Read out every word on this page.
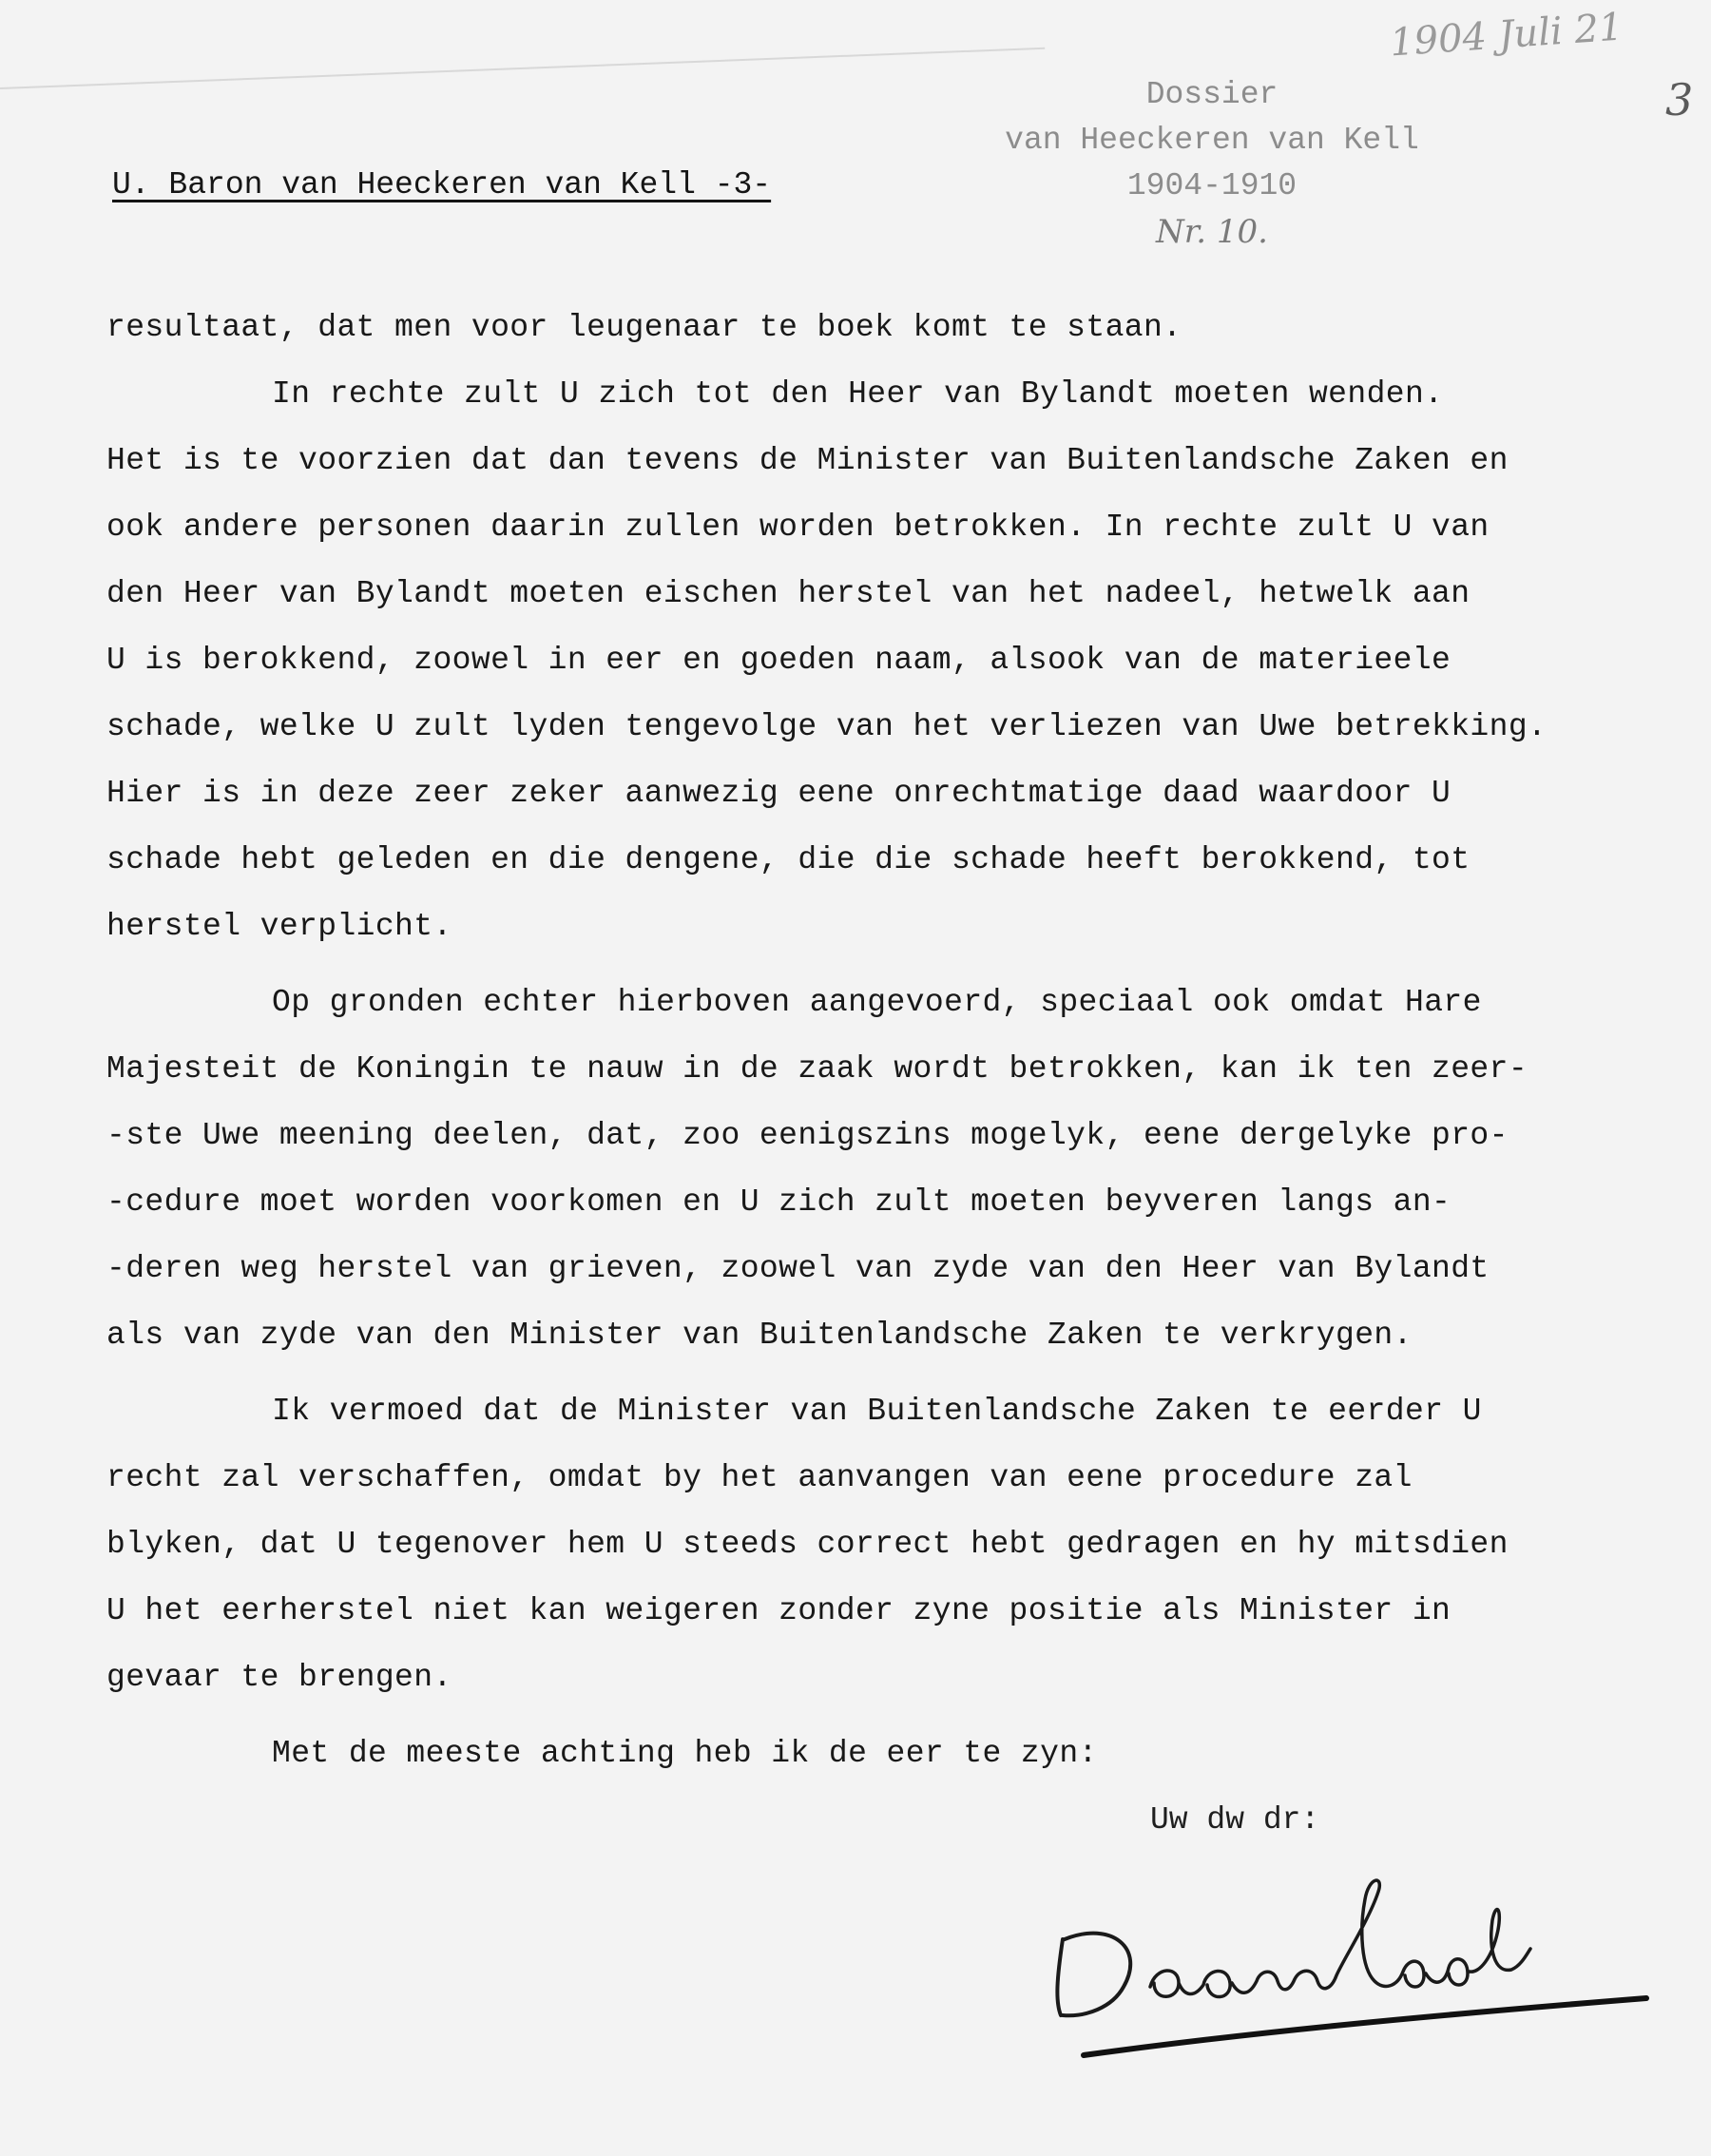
1904 Juli 21
3
Dossier
van Heeckeren van Kell
1904-1910
Nr. 10.
U. Baron van Heeckeren van Kell -3-
resultaat, dat men voor leugenaar te boek komt te staan.
In rechte zult U zich tot den Heer van Bylandt moeten wenden.
Het is te voorzien dat dan tevens de Minister van Buitenlandsche Zaken en
ook andere personen daarin zullen worden betrokken. In rechte zult U van
den Heer van Bylandt moeten eischen herstel van het nadeel, hetwelk aan
U is berokkend, zoowel in eer en goeden naam, alsook van de materieele
schade, welke U zult lyden tengevolge van het verliezen van Uwe betrekking.
Hier is in deze zeer zeker aanwezig eene onrechtmatige daad waardoor U
schade hebt geleden en die dengene, die die schade heeft berokkend, tot
herstel verplicht.
Op gronden echter hierboven aangevoerd, speciaal ook omdat Hare
Majesteit de Koningin te nauw in de zaak wordt betrokken, kan ik ten zeer-
-ste Uwe meening deelen, dat, zoo eenigszins mogelyk, eene dergelyke pro-
-cedure moet worden voorkomen en U zich zult moeten beyveren langs an-
-deren weg herstel van grieven, zoowel van zyde van den Heer van Bylandt
als van zyde van den Minister van Buitenlandsche Zaken te verkrygen.
Ik vermoed dat de Minister van Buitenlandsche Zaken te eerder U
recht zal verschaffen, omdat by het aanvangen van eene procedure zal
blyken, dat U tegenover hem U steeds correct hebt gedragen en hy mitsdien
U het eerherstel niet kan weigeren zonder zyne positie als Minister in
gevaar te brengen.
Met de meeste achting heb ik de eer te zyn:
Uw dw dr:
